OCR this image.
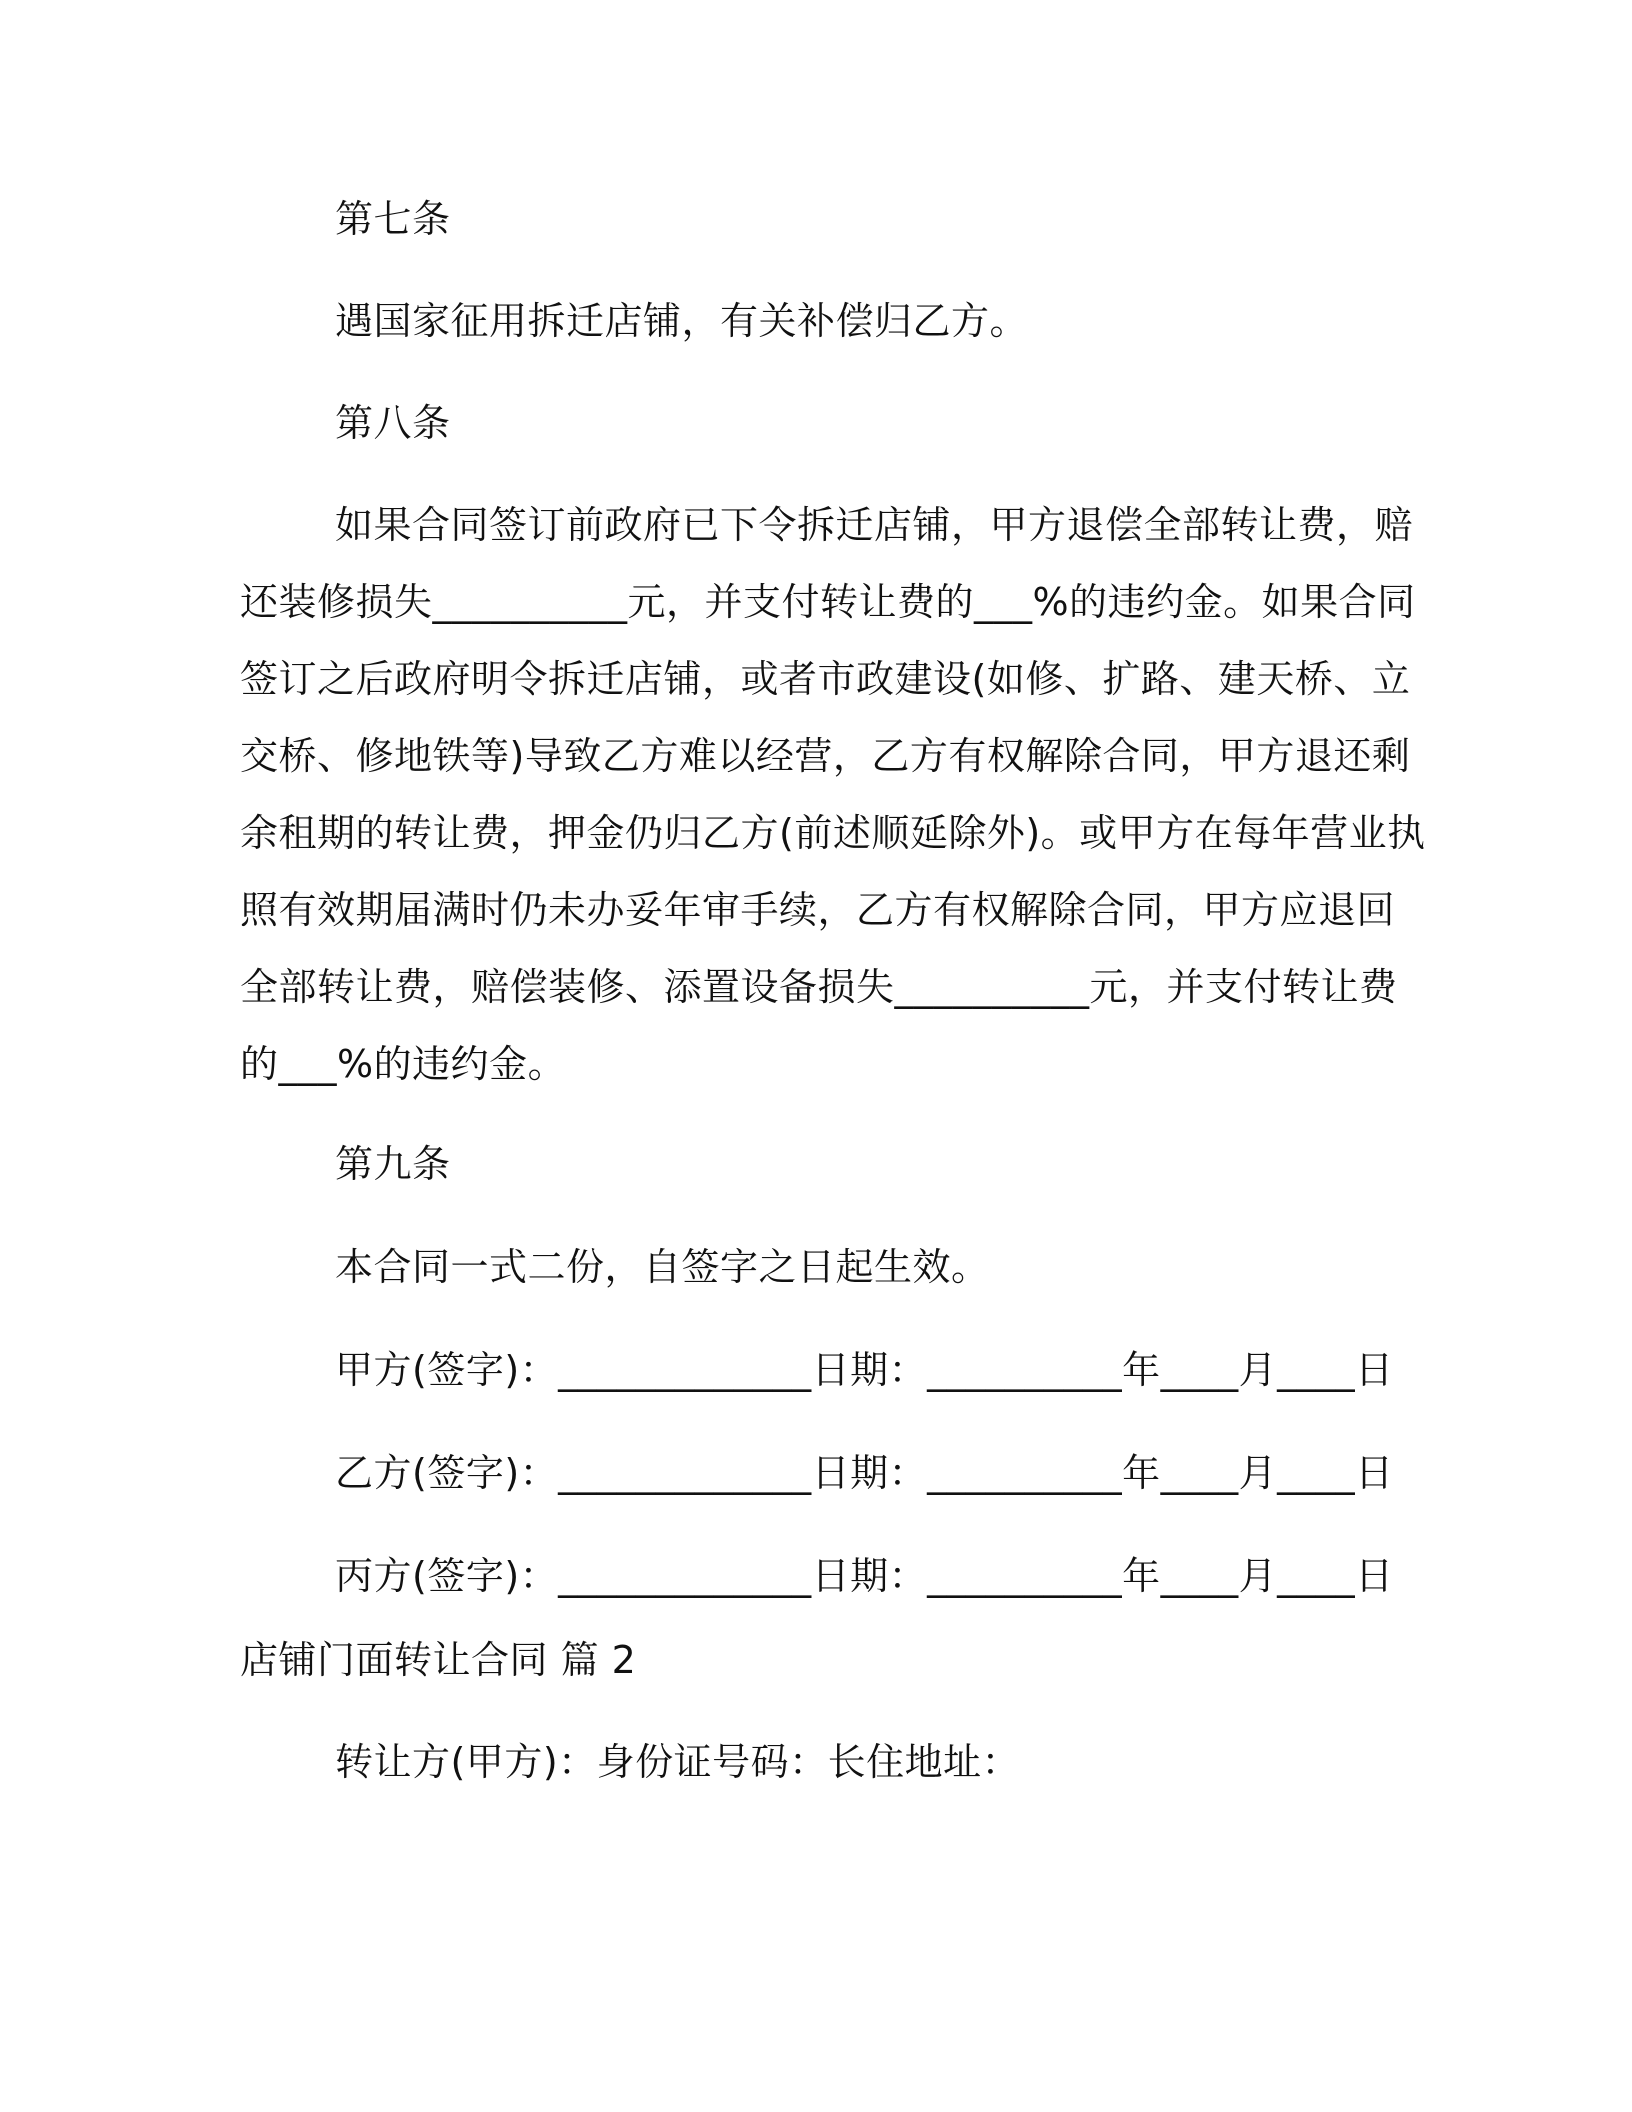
第七条

遇国家征用拆迁店铺，有关补偿归乙方。

第八条

如果合同签订前政府已下令拆迁店铺，甲方退偿全部转让费，赔
还装修损失__________元，并支付转让费的___%的违约金。如果合同
签订之后政府明令拆迁店铺，或者市政建设(如修、扩路、建天桥、立
交桥、修地铁等)导致乙方难以经营，乙方有权解除合同，甲方退还剩
余租期的转让费，押金仍归乙方(前述顺延除外)。或甲方在每年营业执
照有效期届满时仍未办妥年审手续，乙方有权解除合同，甲方应退回
全部转让费，赔偿装修、添置设备损失__________元，并支付转让费
的___%的违约金。

第九条

本合同一式二份，自签字之日起生效。

甲方(签字)：_____________日期：__________年____月____日

乙方(签字)：_____________日期：__________年____月____日

丙方(签字)：_____________日期：__________年____月____日

店铺门面转让合同 篇 2

转让方(甲方)：身份证号码：长住地址：
